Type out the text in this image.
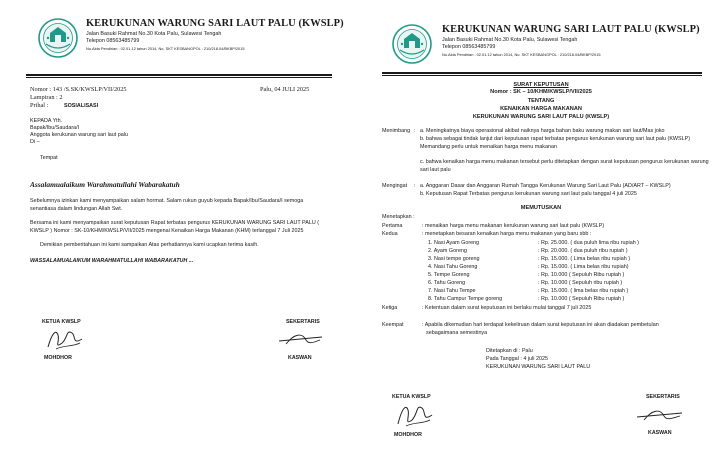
KERUKUNAN WARUNG SARI LAUT PALU (KWSLP)
Jalan Basuki Rahmat No.30 Kota Palu, Sulawesi Tengah
Telepon 08563485799
No.Akta Pendirian : 02.01.12 tahun 2014, No. SKT KESBANGPOL : 210/218.04/BKBP/2015
Nomor : 143 /S.SK/KWSLP/VII/2025
Lampiran : 2
Prihal :	SOSIALISASI
Palu, 04 JULI 2025
KEPADA Yth.
Bapak/Ibu/Saudara/I
Anggota kerukunan warung sari laut palu
Di –
Tempat
Assalamualaikum Warahmatullahi Wabarakatuh
Sebelumnya izinkan kami menyampaikan salam hormat. Salam rukun guyub kepada Bapak/Ibu/Saudara/I semoga
senantiasa dalam lindungan Allah Swt.
Bersama ini kami menyampaikan surat keputusan Rapat terbatas pengurus KERUKUNAN WARUNG SARI LAUT PALU (
KWSLP ) Nomor : SK-10/KHM/KWSLP/VII/2025 mengenai Kenaikan Harga Makanan (KHM) terlanggal 7 Juli 2025
Demikian pemberitahuan ini kami sampaikan Atas perhatiannya kami ucapkan terima kasih.
WASSALAMUALAIKUM WARAHMATULLAHI WABARAKATUH ...
KETUA KWSLP
MOHDHOR
SEKERTARIS
KASWAN
KERUKUNAN WARUNG SARI LAUT PALU (KWSLP)
Jalan Basuki Rahmat No.30 Kota Palu, Sulawesi Tengah
Telepon 08563485799
No.Akta Pendirian : 02.01.12 tahun 2014, No. SKT KESBANGPOL : 210/218.04/BKBP/2015
SURAT KEPUTUSAN
Nomor : SK – 10/KHM/KWSLP/VII/2025
TENTANG
KENAIKAN HARGA MAKANAN
KERUKUNAN WARUNG SARI LAUT PALU (KWSLP)
Menimbang : a. Meningkatnya biaya operasional akibat naiknya harga bahan baku warung makan sari laut/Mas joko
b. bahwa sebagai tindak lanjut dari keputusan rapat terbatas pengurus kerukunan warung sari laut palu (KWSLP) Memandang perlu untuk menaikan harga menu makanan
c. bahwa kenaikan harga menu makanan tersebut perlu ditetapkan dengan surat keputusan pengurus kerukunan warung sari laut palu
Mengingat : a. Anggaran Dasar dan Anggaran Rumah Tangga Kerukunan Warung Sari Laut Palu (AD/ART – KWSLP)
b. Keputusan Rapat Terbatas pengurus kerukunan warung sari laut palu tanggal 4 juli 2025
MEMUTUSKAN
Menetapkan :
Pertama	: menaikan harga menu makanan kerukunan warung sari laut palu (KWSLP)
Kedua	: menetapkan besaran kenaikan harga menu makanan yang baru sbb :
1. Nasi Ayam Goreng	: Rp. 25.000. ( dua puluh lima ribu rupiah )
2. Ayam Goreng	: Rp. 20.000. ( dua puluh ribu rupiah )
3. Nasi tempe goreng	: Rp. 15.000. ( Lima belas ribu rupiah )
4. Nasi Tahu Goreng	: Rp. 15.000. ( Lima belas ribu rupiah)
5. Tempe Goreng	: Rp. 10.000 ( Sepuluh Ribu rupiah )
6. Tahu Goreng	: Rp. 10.000 ( Sepuluh ribu rupiah )
7. Nasi Tahu Tempe	: Rp. 15.000. ( lima belas ribu rupiah )
8. Tahu Campur Tempe goreng	: Rp. 10.000 ( Sepuluh Ribu rupiah )
Ketiga	: Ketentuan dalam surat keputusan ini berlaku mulai tanggal 7 juli 2025
Keempat	: Apabila dikemudian hari terdapat kekeliruan dalam surat keputusan ini akan diadakan pembetulan
sebagaimana semestinya
Ditetapkan di : Palu
Pada Tanggal : 4 juli 2025
KERUKUNAN WARUNG SARI LAUT PALU
KETUA KWSLP
MOHDHOR
SEKERTARIS
KASWAN
